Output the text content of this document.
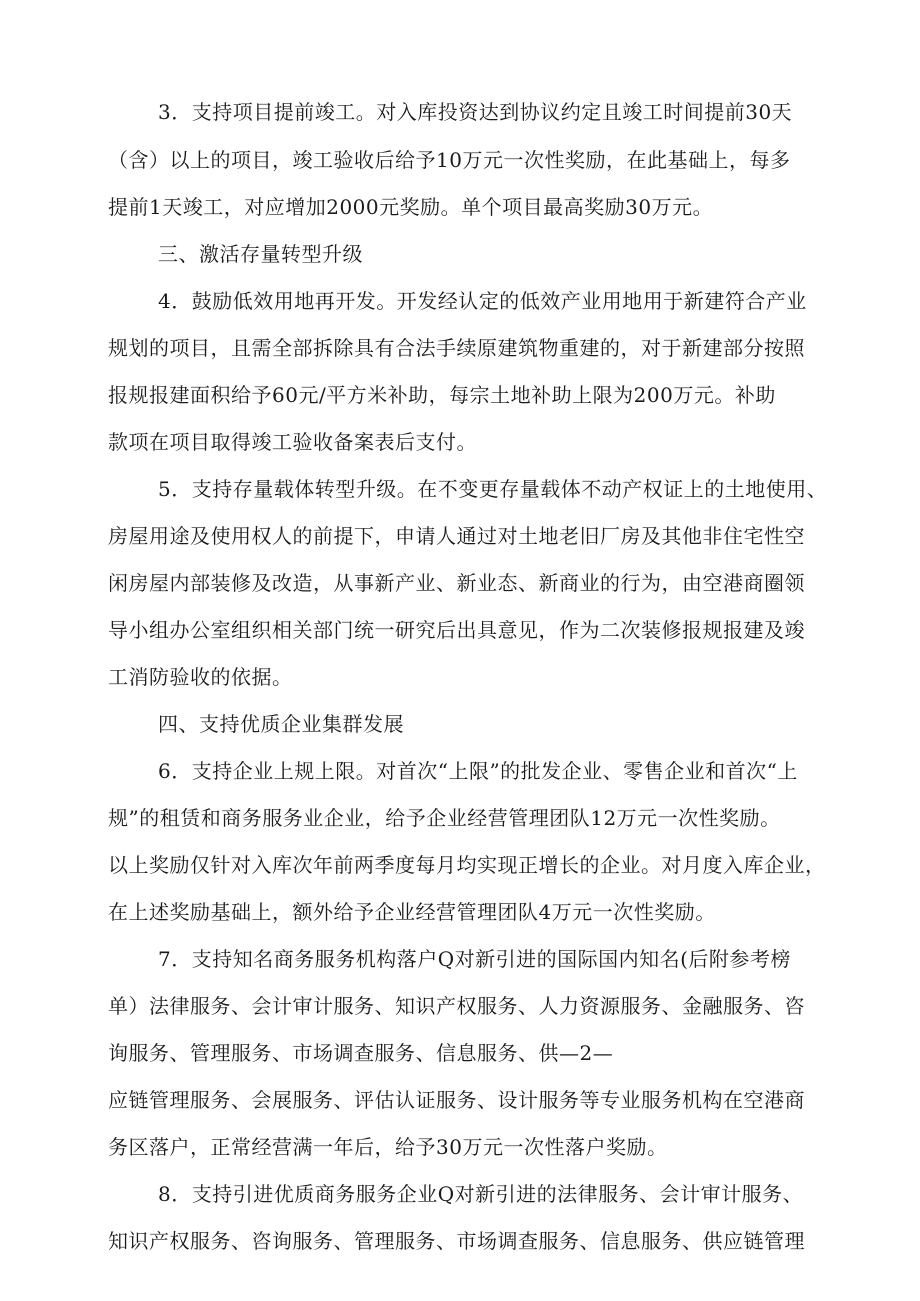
3．支持项目提前竣工。对入库投资达到协议约定且竣工时间提前30天
（含）以上的项目，竣工验收后给予10万元一次性奖励，在此基础上，每多
提前1天竣工，对应增加2000元奖励。单个项目最高奖励30万元。
三、激活存量转型升级
4．鼓励低效用地再开发。开发经认定的低效产业用地用于新建符合产业
规划的项目，且需全部拆除具有合法手续原建筑物重建的，对于新建部分按照
报规报建面积给予60元/平方米补助，每宗土地补助上限为200万元。补助
款项在项目取得竣工验收备案表后支付。
5．支持存量载体转型升级。在不变更存量载体不动产权证上的土地使用、
房屋用途及使用权人的前提下，申请人通过对土地老旧厂房及其他非住宅性空
闲房屋内部装修及改造，从事新产业、新业态、新商业的行为，由空港商圈领
导小组办公室组织相关部门统一研究后出具意见，作为二次装修报规报建及竣
工消防验收的依据。
四、支持优质企业集群发展
6．支持企业上规上限。对首次“上限”的批发企业、零售企业和首次“上
规”的租赁和商务服务业企业，给予企业经营管理团队12万元一次性奖励。
以上奖励仅针对入库次年前两季度每月均实现正增长的企业。对月度入库企业，
在上述奖励基础上，额外给予企业经营管理团队4万元一次性奖励。
7．支持知名商务服务机构落户Q对新引进的国际国内知名(后附参考榜
单）法律服务、会计审计服务、知识产权服务、人力资源服务、金融服务、咨
询服务、管理服务、市场调查服务、信息服务、供—2—
应链管理服务、会展服务、评估认证服务、设计服务等专业服务机构在空港商
务区落户，正常经营满一年后，给予30万元一次性落户奖励。
8．支持引进优质商务服务企业Q对新引进的法律服务、会计审计服务、
知识产权服务、咨询服务、管理服务、市场调查服务、信息服务、供应链管理
